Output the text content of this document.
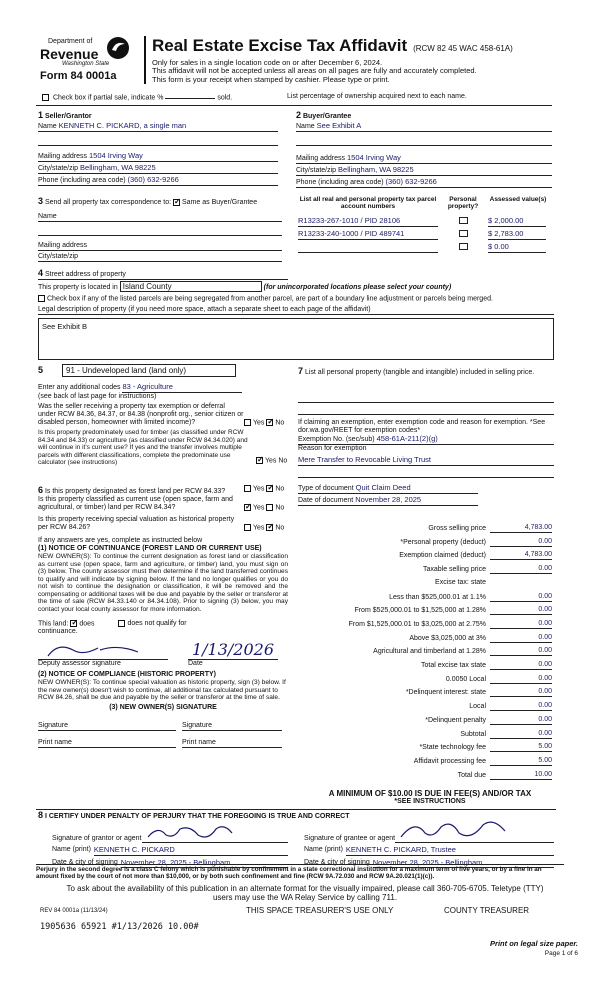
Department of
Revenue
Washington State
Form 84 0001a
Real Estate Excise Tax Affidavit (RCW 82 45 WAC 458-61A)
Only for sales in a single location code on or after December 6, 2024.
This affidavit will not be accepted unless all areas on all pages are fully and accurately completed.
This form is your receipt when stamped by cashier. Please type or print.
Check box if partial sale, indicate %	sold.	List percentage of ownership acquired next to each name.
1 Seller/Grantor
Name KENNETH C. PICKARD, a single man
Mailing address 1504 Irving Way
City/state/zip Bellingham, WA 98225
Phone (including area code) (360) 632-9266
2 Buyer/Grantee
Name See Exhibit A
Mailing address 1504 Irving Way
City/state/zip Bellingham, WA 98225
Phone (including area code) (360) 632-9266
3 Send all property tax correspondence to: ✓ Same as Buyer/Grantee
Name
Mailing address
City/state/zip
List all real and personal property tax parcel account numbers
Personal property?
Assessed value(s)
R13233-267-1010 / PID 28106	$ 2,000.00
R13233-240-1000 / PID 489741	$ 2,783.00
$ 0.00
4 Street address of property
This property is located in Island County	(for unincorporated locations please select your county)
Check box if any of the listed parcels are being segregated from another parcel, are part of a boundary line adjustment or parcels being merged.
Legal description of property (if you need more space, attach a separate sheet to each page of the affidavit)
See Exhibit B
5	91 - Undeveloped land (land only)
Enter any additional codes 83 - Agriculture
(see back of last page for instructions)
Was the seller receiving a property tax exemption or deferral under RCW 84.36, 84.37, or 84.38 (nonprofit org., senior citizen or disabled person, homeowner with limited income)?	Yes ✓ No
Is this property predominately used for timber (as classified under RCW 84.34 and 84.33) or agriculture (as classified under RCW 84.34.020) and will continue in it's current use? If yes and the transfer involves multiple parcels with different classifications, complete the predominate use calculator (see instructions) ✓	Yes No
6 Is this property designated as forest land per RCW 84.33?	Yes ✓No
Is this property classified as current use (open space, farm and agricultural, or timber) land per RCW 84.34? ✓	Yes No
Is this property receiving special valuation as historical property per RCW 84.26?	Yes ✓No
If any answers are yes, complete as instructed below
(1) NOTICE OF CONTINUANCE (FOREST LAND OR CURRENT USE)
NEW OWNER(S): To continue the current designation as forest land or classification as current use (open space, farm and agriculture, or timber) land, you must sign on (3) below. The county assessor must then determine if the land transferred continues to qualify and will indicate by signing below. If the land no longer qualifies or you do not wish to continue the designation or classification, it will be removed and the compensating or additional taxes will be due and payable by the seller or transferor at the time of sale (RCW 84.33.140 or 84.34.108). Prior to signing (3) below, you may contact your local county assessor for more information.
This land: ✓ does	does not qualify for
continuance.
1/13/2026
Deputy assessor signature	Date
(2) NOTICE OF COMPLIANCE (HISTORIC PROPERTY)
NEW OWNER(S): To continue special valuation as historic property, sign (3) below. If the new owner(s) doesn't wish to continue, all additional tax calculated pursuant to RCW 84.26, shall be due and payable by the seller or transferor at the time of sale.
(3) NEW OWNER(S) SIGNATURE
Signature	Signature
Print name	Print name
7 List all personal property (tangible and intangible) included in selling price.
If claiming an exemption, enter exemption code and reason for exemption. *See dor.wa.gov/REET for exemption codes*
Exemption No. (sec/sub) 458-61A-211(2)(g)
Reason for exemption
Mere Transfer to Revocable Living Trust
Type of document Quit Claim Deed
Date of document November 28, 2025
Gross selling price	4,783.00
*Personal property (deduct)	0.00
Exemption claimed (deduct)	4,783.00
Taxable selling price	0.00
Excise tax: state
Less than $525,000.01 at 1.1%	0.00
From $525,000.01 to $1,525,000 at 1.28%	0.00
From $1,525,000.01 to $3,025,000 at 2.75%	0.00
Above $3,025,000 at 3%	0.00
Agricultural and timberland at 1.28%	0.00
Total excise tax state	0.00
0.0050 Local	0.00
*Delinquent interest: state	0.00
Local	0.00
*Delinquent penalty	0.00
Subtotal	0.00
*State technology fee	5.00
Affidavit processing fee	5.00
Total due	10.00
A MINIMUM OF $10.00 IS DUE IN FEE(S) AND/OR TAX
*SEE INSTRUCTIONS
8 I CERTIFY UNDER PENALTY OF PERJURY THAT THE FOREGOING IS TRUE AND CORRECT
Signature of grantor or agent	Signature of grantee or agent
Name (print) KENNETH C. PICKARD	Name (print) KENNETH C. PICKARD, Trustee
Date & city of signing November 28, 2025 - Bellingham	Date & city of signing November 28, 2025 - Bellingham
Perjury in the second degree is a class C felony which is punishable by confinement in a state correctional institution for a maximum term of five years, or by a fine in an amount fixed by the court of not more than $10,000, or by both such confinement and fine (RCW 9A.72.030 and RCW 9A.20.021(1)(c)).
To ask about the availability of this publication in an alternate format for the visually impaired, please call 360-705-6705. Teletype (TTY) users may use the WA Relay Service by calling 711.
REV 84 0001a (11/13/24)	THIS SPACE TREASURER'S USE ONLY	COUNTY TREASURER
1905636 65921 #1/13/2026 10.00#
Print on legal size paper.
Page 1 of 6
